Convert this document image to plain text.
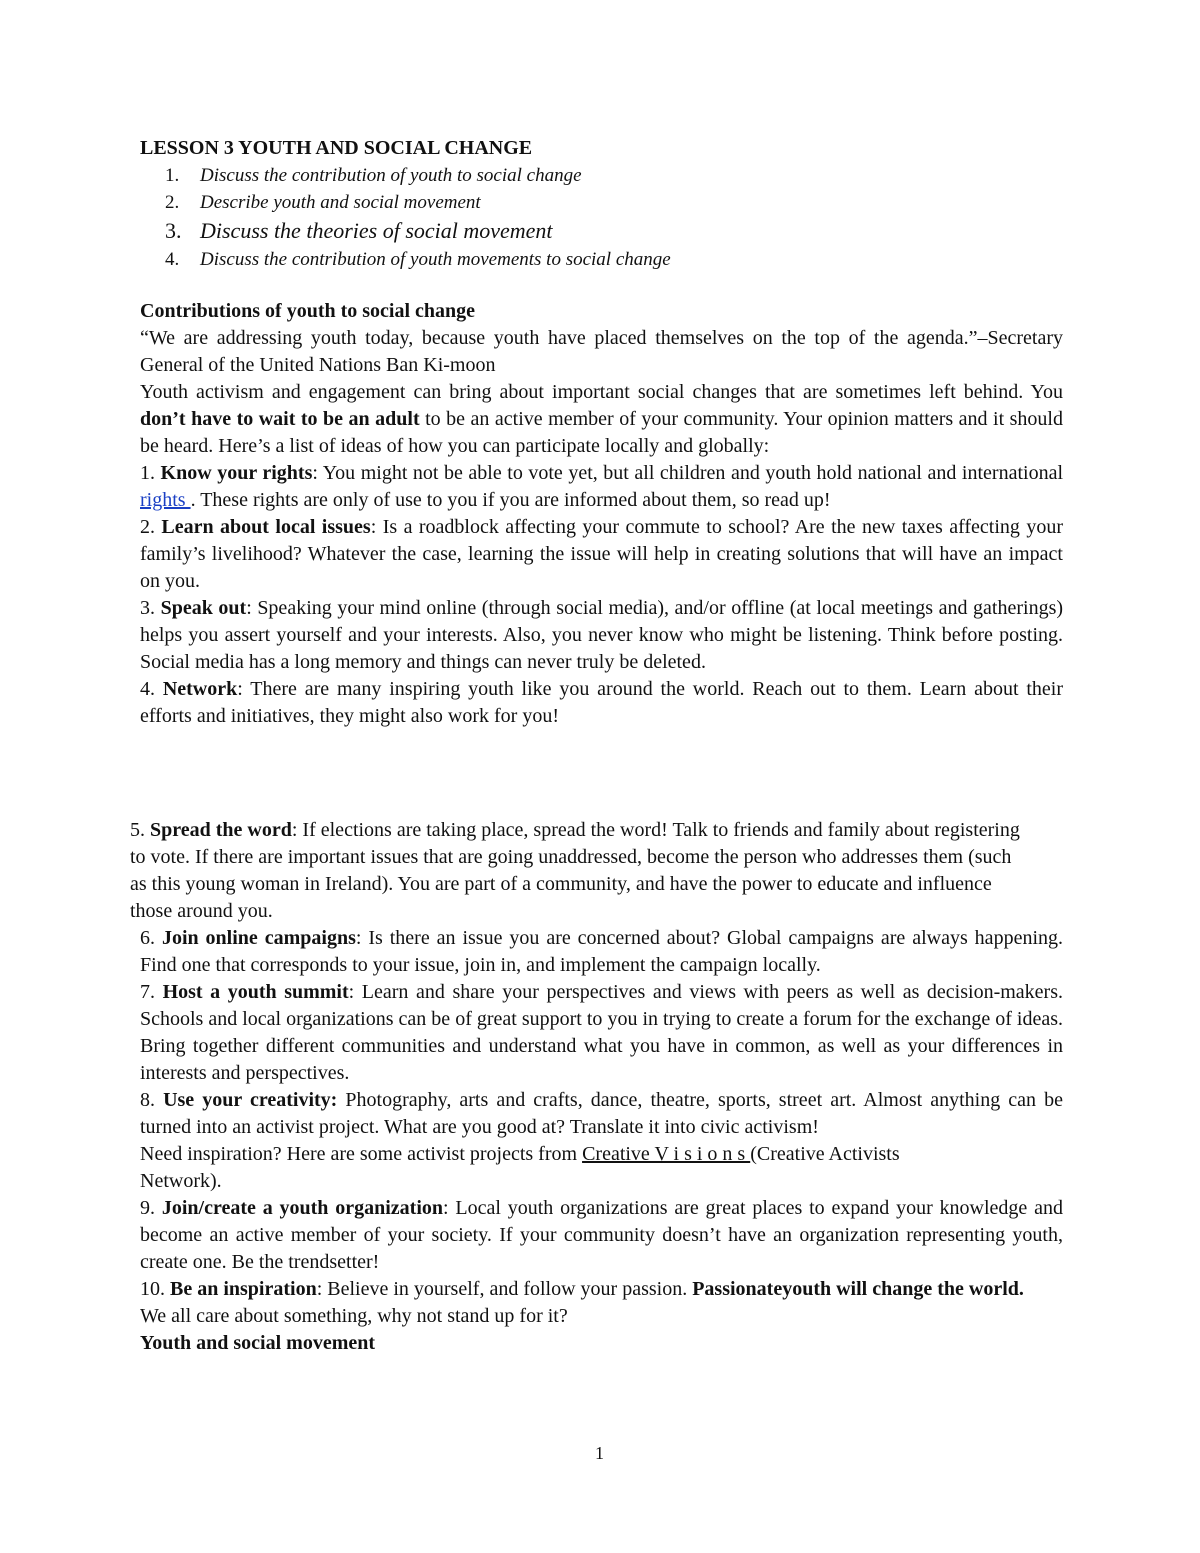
LESSON 3 YOUTH AND SOCIAL CHANGE
1. Discuss the contribution of youth to social change
2. Describe youth and social movement
3. Discuss the theories of social movement
4. Discuss the contribution of youth movements to social change

Contributions of youth to social change

“We are addressing youth today, because youth have placed themselves on the top of the agenda.”–Secretary General of the United Nations Ban Ki-moon

Youth activism and engagement can bring about important social changes that are sometimes left behind. You don’t have to wait to be an adult to be an active member of your community. Your opinion matters and it should be heard. Here’s a list of ideas of how you can participate locally and globally:

1. Know your rights: You might not be able to vote yet, but all children and youth hold national and international rights . These rights are only of use to you if you are informed about them, so read up!

2. Learn about local issues: Is a roadblock affecting your commute to school? Are the new taxes affecting your family’s livelihood? Whatever the case, learning the issue will help in creating solutions that will have an impact on you.

3. Speak out: Speaking your mind online (through social media), and/or offline (at local meetings and gatherings) helps you assert yourself and your interests. Also, you never know who might be listening. Think before posting. Social media has a long memory and things can never truly be deleted.

4. Network: There are many inspiring youth like you around the world. Reach out to them. Learn about their efforts and initiatives, they might also work for you!

5. Spread the word: If elections are taking place, spread the word! Talk to friends and family about registering to vote. If there are important issues that are going unaddressed, become the person who addresses them (such as this young woman in Ireland). You are part of a community, and have the power to educate and influence those around you.

6. Join online campaigns: Is there an issue you are concerned about? Global campaigns are always happening. Find one that corresponds to your issue, join in, and implement the campaign locally.

7. Host a youth summit: Learn and share your perspectives and views with peers as well as decision-makers. Schools and local organizations can be of great support to you in trying to create a forum for the exchange of ideas. Bring together different communities and understand what you have in common, as well as your differences in interests and perspectives.

8. Use your creativity: Photography, arts and crafts, dance, theatre, sports, street art. Almost anything can be turned into an activist project. What are you good at? Translate it into civic activism!

Need inspiration? Here are some activist projects from Creative V i s i o n s (Creative Activists
Network).

9. Join/create a youth organization: Local youth organizations are great places to expand your knowledge and become an active member of your society. If your community doesn’t have an organization representing youth, create one. Be the trendsetter!

10. Be an inspiration: Believe in yourself, and follow your passion. Passionateyouth will change the world.

We all care about something, why not stand up for it?

Youth and social movement

1
